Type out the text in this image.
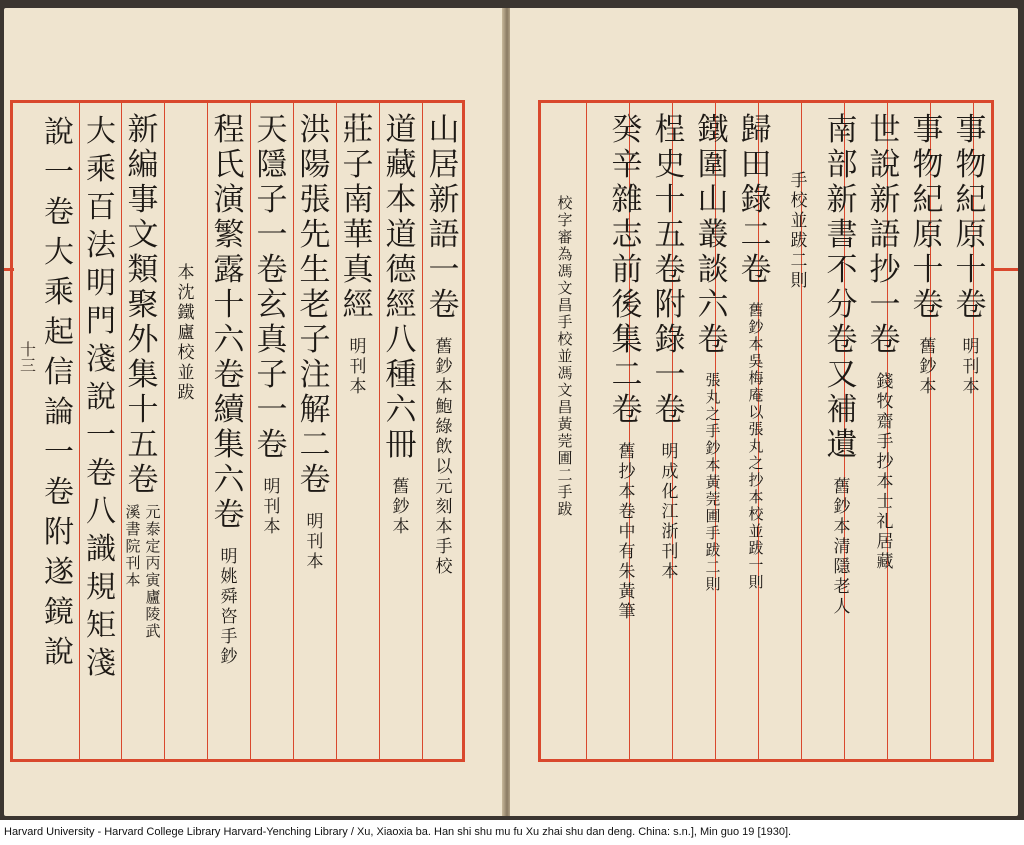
十三
山居新語一卷
舊鈔本鮑綠飲以元刻本手校
道藏本道德經八種六冊
舊鈔本
莊子南華真經
明刊本
洪陽張先生老子注解二卷
明刊本
天隱子一卷玄真子一卷
明刊本
程氏演繁露十六卷續集六卷
明姚舜咨手鈔
本沈鐵廬校並跋
新編事文類聚外集十五卷
元泰定丙寅廬陵武
溪書院刊本
大乘百法明門淺說一卷八識規矩淺
說一卷大乘起信論一卷附遂鏡說
事物紀原十卷
明刊本
事物紀原十卷
舊鈔本
世說新語抄一卷
錢牧齋手抄本士礼居藏
南部新書不分卷又補遺
舊鈔本　清隱老人
手校並跋二則
歸田錄二卷
舊鈔本吳梅庵以張丸之抄本校並跋一則
鐵圍山叢談六卷
張丸之手鈔本黃莞圃手跋二則
桯史十五卷附錄一卷
明成化江浙刊本
癸辛雜志前後集二卷
舊抄本卷中有朱黃筆
校字審為馮文昌手校並馮文昌黃莞圃二手跋
Harvard University - Harvard College Library Harvard-Yenching Library / Xu, Xiaoxia ba. Han shi shu mu fu Xu zhai shu dan deng. China: s.n.], Min guo 19 [1930].
